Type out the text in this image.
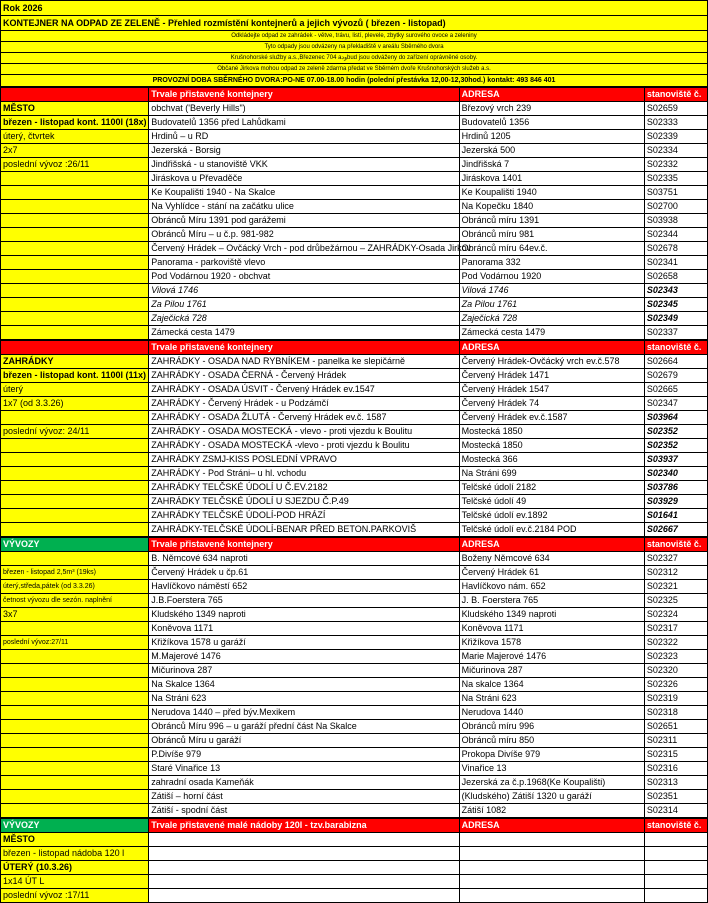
Rok 2026
KONTEJNER NA ODPAD ZE ZELENĚ - Přehled rozmístění kontejnerů a jejich vývozů ( březen - listopad)
Odkládejte odpad ze zahrádek - větve, trávu, listí, plevele, zbytky surového ovoce a zeleniny
Tyto odpady jsou odvázeny na překladiště v areálu Sběrného dvora
Krušnohorské služby a.s.,Březenec 704 aودbud jsou odváženy do zařízení oprávněné osoby.
Občané Jirkova mohou odpad ze zeleně zdarma předat ve Sběrném dvoře Krušnohorských služeb a.s.
PROVOZNÍ DOBA SBĚRNÉHO DVORA:PO-NE 07.00-18.00 hodin (polední přestávka 12,00-12,30hod.) kontakt: 493 846 401
	Trvale přistavené kontejnery	ADRESA	stanoviště č.
MĚSTO	obchvat ('Beverly Hills")	Březový vrch 239	S02659
březen - listopad kont. 1100l (18x)	Budovatelů 1356 před Lahůdkami	Budovatelů 1356	S02333
úterý, čtvrtek	Hrdinů – u RD	Hrdinů 1205	S02339
2x7	Jezerská - Borsig	Jezerská 500	S02334
poslední vývoz :26/11	Jindřišská - u stanoviště VKK	Jindřišská 7	S02332
	Jiráskova u Převaděče	Jiráskova 1401	S02335
	Ke Koupališti 1940 - Na Skalce	Ke Koupališti 1940	S03751
	Na Vyhlídce - stání na začátku ulice	Na Kopečku 1840	S02700
	Obránců Míru 1391 pod garážemi	Obránců míru 1391	S03938
	Obránců Míru – u č.p. 981-982	Obránců míru 981	S02344
	Červený Hrádek – Ovčácký Vrch - pod drůbežárnou – ZAHRÁDKY-Osada Jirkov	Obránců míru 64ev.č.	S02678
	Panorama - parkoviště vlevo	Panorama 332	S02341
	Pod Vodárnou 1920 - obchvat	Pod Vodárnou 1920	S02658
	Vilová 1746	Vilová 1746	S02343
	Za Pilou 1761	Za Pilou 1761	S02345
	Zaječická 728	Zaječická 728	S02349
	Zámecká cesta 1479	Zámecká cesta 1479	S02337
	Trvale přistavené kontejnery	ADRESA	stanoviště č.
ZAHRÁDKY	ZAHRÁDKY - OSADA NAD RYBNÍKEM - panelka ke slepičárně	Červený Hrádek-Ovčácký vrch ev.č.578	S02664
březen - listopad kont. 1100l (11x)	ZAHRÁDKY - OSADA ČERNÁ - Červený Hrádek	Červený Hrádek 1471	S02679
úterý	ZAHRÁDKY - OSADA ÚSVIT - Červený Hrádek ev.1547	Červený Hrádek 1547	S02665
1x7 (od 3.3.26)	ZAHRÁDKY - Červený Hrádek - u Podzámčí	Červený Hrádek 74	S02347
	ZAHRÁDKY - OSADA ŽLUTÁ - Červený Hrádek ev.č. 1587	Červený Hrádek ev.č.1587	S03964
poslední vývoz: 24/11	ZAHRÁDKY - OSADA MOSTECKÁ - vlevo - proti vjezdu k Boulitu	Mostecká 1850	S02352
	ZAHRÁDKY - OSADA MOSTECKÁ -vlevo - proti vjezdu k Boulitu	Mostecká 1850	S02352
	ZAHRÁDKY ZSMJ-KISS POSLEDNÍ VPRAVO	Mostecká 366	S03937
	ZAHRÁDKY - Pod Stráni– u hl. vchodu	Na Stráni 699	S02340
	ZAHRÁDKY TELČSKÉ ÚDOLÍ U Č.EV.2182	Telčské údolí 2182	S03786
	ZAHRÁDKY TELČSKÉ ÚDOLÍ U SJEZDU Č.P.49	Telčské údolí 49	S03929
	ZAHRÁDKY TELČSKÉ ÚDOLÍ-POD HRÁZÍ	Telčské údolí ev.1892	S01641
	ZAHRÁDKY-TELČSKÉ ÚDOLÍ-BENAR PŘED BETON.PARKOVIŠ	Telčské údolí ev.č.2184 POD	S02667
VÝVOZY	Trvale přistavené kontejnery	ADRESA	stanoviště č.
	B. Němcové 634 naproti	Boženy Němcové 634	S02327
březen - listopad 2,5m³ (19ks)	Červený Hrádek u čp.61	Červený Hrádek 61	S02312
úterý,středa,pátek (od 3.3.26)	Havlíčkovo náměstí 652	Havlíčkovo nám. 652	S02321
četnost vývozu dle sezón. naplnění	J.B.Foerstera 765	J. B. Foerstera 765	S02325
3x7	Kludského 1349 naproti	Kludského 1349 naproti	S02324
	Koněvova 1171	Koněvova 1171	S02317
poslední vývoz:27/11	Křižíkova 1578 u garáží	Křižíkova 1578	S02322
	M.Majerové 1476	Marie Majerové 1476	S02323
	Mičurinova 287	Mičurinova 287	S02320
	Na Skalce 1364	Na skalce 1364	S02326
	Na Stráni 623	Na Stráni 623	S02319
	Nerudova 1440 – před býv.Mexikem	Nerudova 1440	S02318
	Obránců Míru 996 – u garáží přední část Na Skalce	Obránců míru 996	S02651
	Obránců Míru u garáží	Obránců míru 850	S02311
	P.Divíše 979	Prokopa Divíše 979	S02315
	Staré Vinařice 13	Vinařice 13	S02316
	zahradní osada Kameňák	Jezerská za č.p.1968(Ke Koupališti)	S02313
	Zátiší – horní část	(Kludského) Zátiší 1320 u garáží	S02351
	Zátiší - spodní část	Zátiší 1082	S02314
VÝVOZY	Trvale přistavené malé nádoby 120l - tzv.barabizna	ADRESA	stanoviště č.
MĚSTO			
březen - listopad nádoba 120 l			
ÚTERÝ (10.3.26)			
1x14 ÚT L			
poslední vývoz :17/11			
